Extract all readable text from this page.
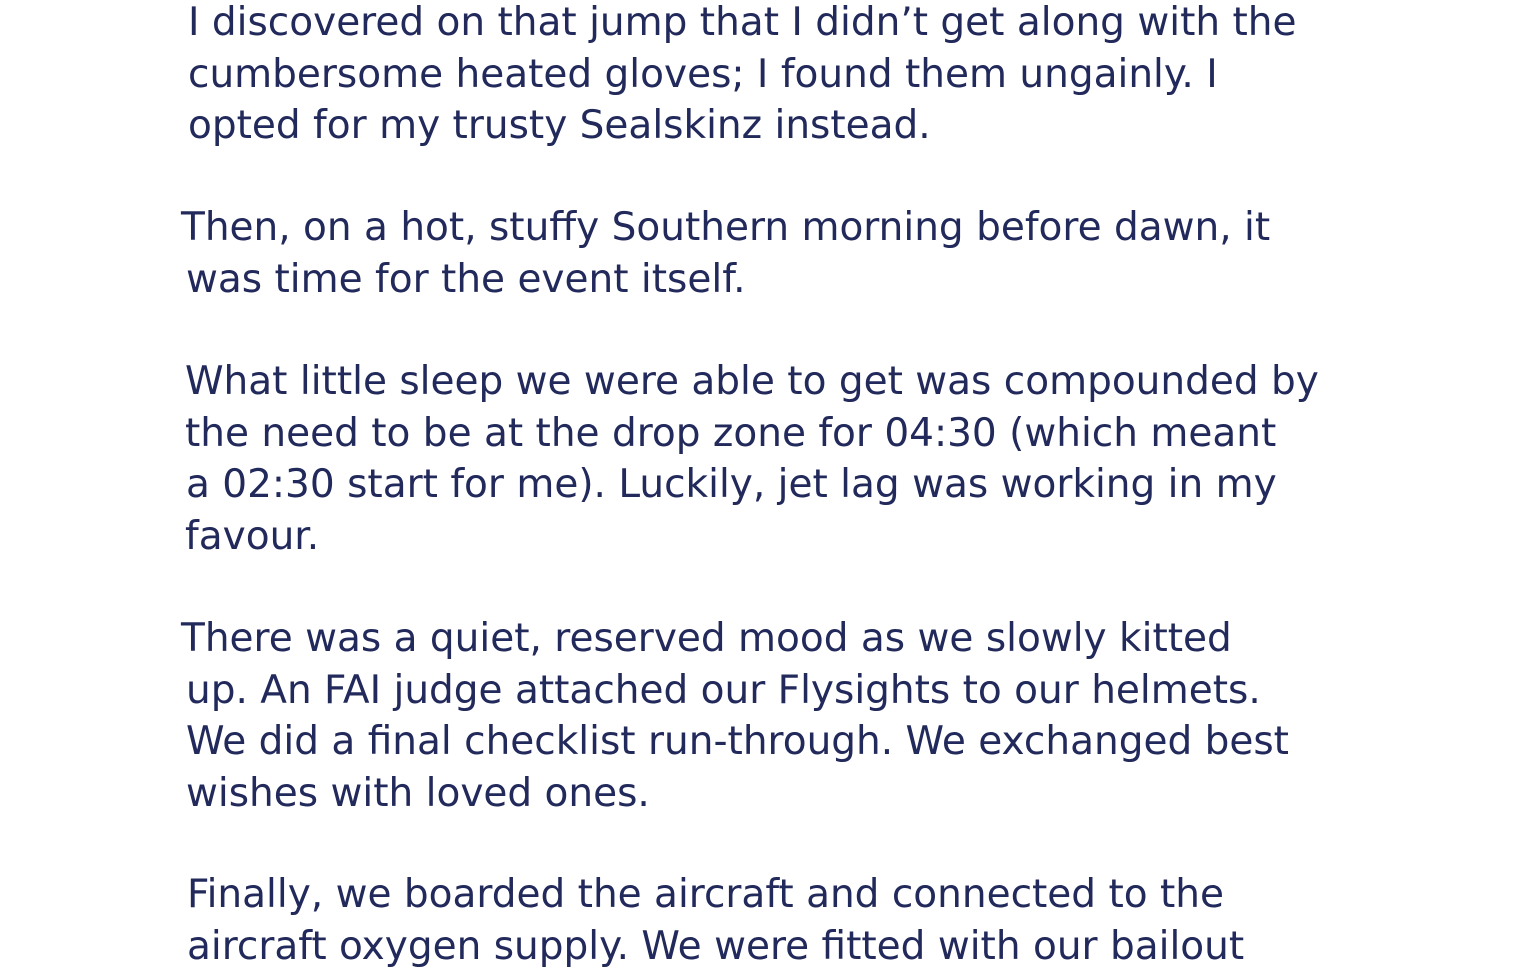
I discovered on that jump that I didn’t get along with the
cumbersome heated gloves; I found them ungainly. I
opted for my trusty Sealskinz instead.

Then, on a hot, stuffy Southern morning before dawn, it
was time for the event itself.

What little sleep we were able to get was compounded by
the need to be at the drop zone for 04:30 (which meant
a 02:30 start for me). Luckily, jet lag was working in my
favour.

There was a quiet, reserved mood as we slowly kitted
up. An FAI judge attached our Flysights to our helmets.
We did a final checklist run-through. We exchanged best
wishes with loved ones.

Finally, we boarded the aircraft and connected to the
aircraft oxygen supply. We were fitted with our bailout
